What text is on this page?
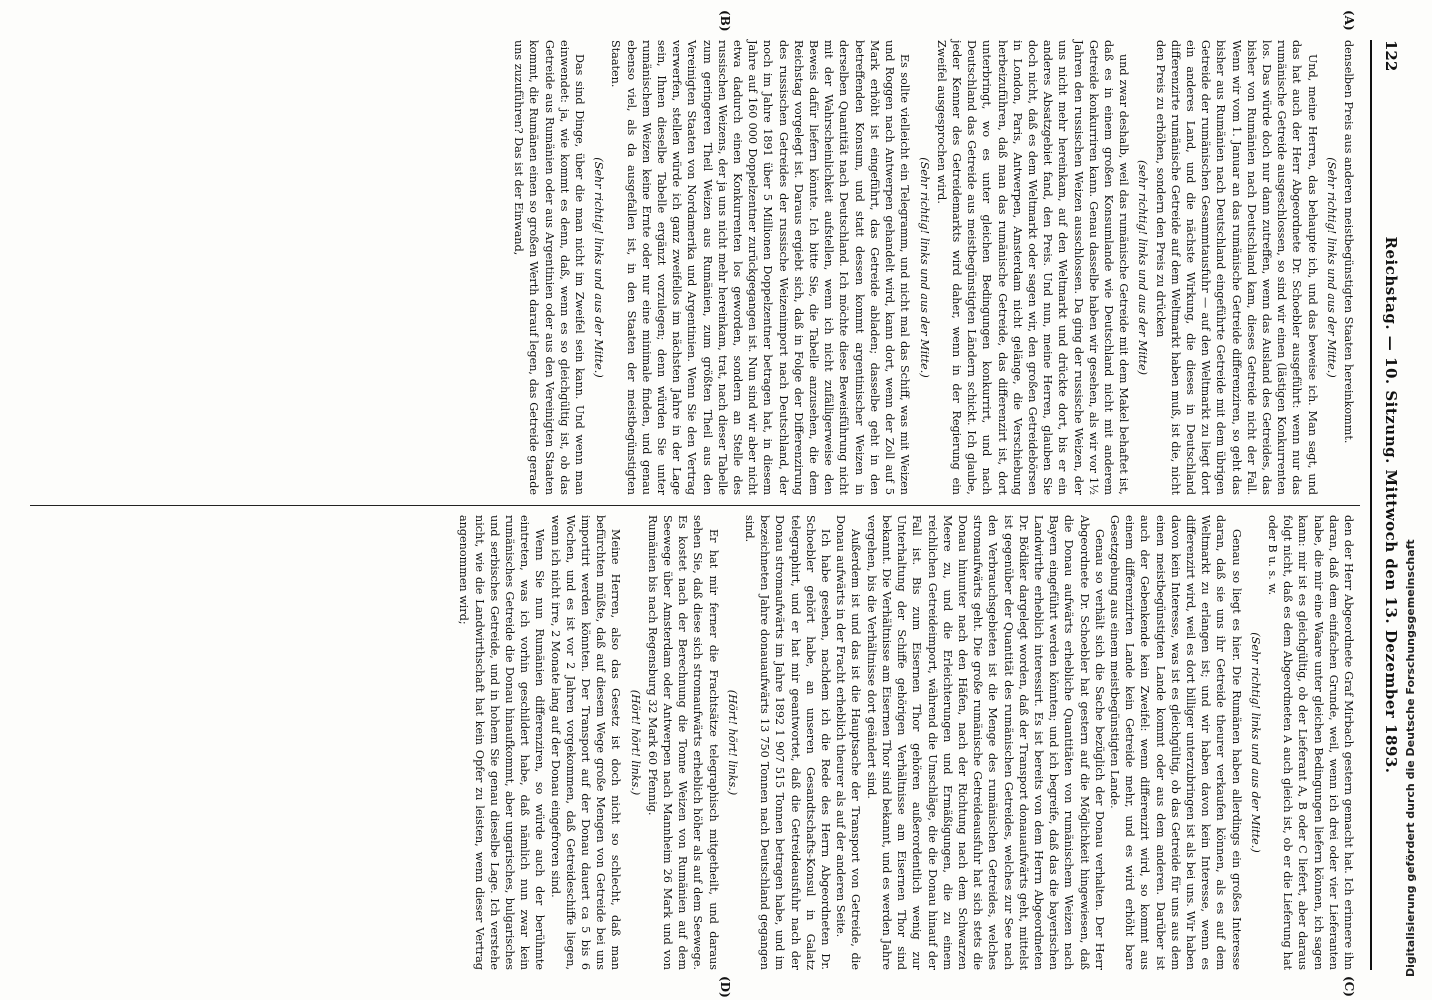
122
Reichstag. — 10. Sitzung. Mittwoch den 13. Dezember 1893.
(A)
(B)
(C)
(D)

denselben Preis aus anderen meistbegünstigten Staaten hereinkommt.

(Sehr richtig! links und aus der Mitte.)

Und, meine Herren, das behaupte ich, und das beweise ich. Man sagt, und das hat auch der Herr Abgeordnete Dr. Schoebler ausgeführt: wenn nur das rumänische Getreide ausgeschlossen, so sind wir einen (lästigen Konkurrenten los. Das würde doch nur dann zutreffen, wenn das Ausland des Getreides, das bisher von Rumänien nach Deutschland kam, dieses Getreide nicht der Fall. Wenn wir vom 1. Januar an das rumänische Getreide differenziren, so geht das bisher aus Rumänien nach Deutschland eingeführte Getreide mit dem übrigen Getreide der rumänischen Gesammtausfuhr — auf den Weltmarkt zu liegt dort ein anderes Land, und die nächste Wirkung, die dieses in Deutschland differenzirte rumänische Getreide auf dem Weltmarkt haben muß, ist die, nicht den Preis zu erhöhen, sondern den Preis zu drücken

(sehr richtig! links und aus der Mitte)

und zwar deshalb, weil das rumänische Getreide mit dem Makel behaftet ist, daß es in einem großen Konsumlande wie Deutschland nicht mit anderem Getreide konkurriren kann. Genau dasselbe haben wir gesehen, als wir vor 1½ Jahren den russischen Weizen ausschlossen. Da ging der russische Weizen, der uns nicht mehr hereinkam, auf den Weltmarkt und drückte dort, bis er ein anderes Absatzgebiet fand, den Preis. Und nun, meine Herren, glauben Sie doch nicht, daß es dem Weltmarkt oder sagen wir, den großen Getreidebörsen in London, Paris, Antwerpen, Amsterdam nicht gelänge, die Verschiebung herbeizuführen, daß man das rumänische Getreide, das differenzirt ist, dort unterbringt, wo es unter gleichen Bedingungen konkurrirt, und nach Deutschland das Getreide aus meistbegünstigten Ländern schickt. Ich glaube, jeder Kenner des Getreidemarkts wird daher, wenn in der Regierung ein Zweifel ausgesprochen wird.

(Sehr richtig! links und aus der Mitte.)

Es sollte vielleicht ein Telegramm, und nicht mal das Schiff, was mit Weizen und Roggen nach Antwerpen gehandelt wird, kann dort, wenn der Zoll auf 5 Mark erhöht ist eingeführt, das Getreide abladen; dasselbe geht in den betreffenden Konsum, und statt dessen kommt argentinischer Weizen in derselben Quantität nach Deutschland. Ich möchte diese Beweisführung nicht mit der Wahrscheinlichkeit aufstellen, wenn ich nicht zufälligerweise den Beweis dafür liefern könnte. Ich bitte Sie, die Tabelle anzusehen, die dem Reichstag vorgelegt ist. Daraus ergiebt sich, daß in Folge der Differenzirung des russischen Getreides der russische Weizenimport nach Deutschland, der noch im Jahre 1891 über 5 Millionen Doppelzentner betragen hat, in diesem Jahre auf 160 000 Doppelzentner zurückgegangen ist. Nun sind wir aber nicht etwa dadurch einen Konkurrenten los geworden, sondern an Stelle des russischen Weizens, der ja uns nicht mehr hereinkam, trat, nach dieser Tabelle zum geringeren Theil Weizen aus Rumänien, zum größten Theil aus den Vereinigten Staaten von Nordamerika und Argentinien. Wenn Sie den Vertrag verwerfen, stellen würde ich ganz zweifellos im nächsten Jahre in der Lage sein, Ihnen dieselbe Tabelle ergänzt vorzulegen; denn würden Sie unter rumänischem Weizen keine Ernte oder nur eine minimale finden, und genau ebenso viel, als da ausgefallen ist, in den Staaten der meistbegünstigten Staaten.

(Sehr richtig! links und aus der Mitte.)

Das sind Dinge, über die man nicht im Zweifel sein kann. Und wenn man einwendet: ja, wie kommt es denn, daß, wenn es so gleichgültig ist, ob das Getreide aus Rumänien oder aus Argentinien oder aus den Vereinigten Staaten kommt, die Rumänen einen so großen Werth darauf legen, das Getreide gerade uns zuzuführen? Das ist der Einwand,

den der Herr Abgeordnete Graf Mirbach gestern gemacht hat. Ich erinnere ihn daran, daß dem einfachen Grunde, weil, wenn ich drei oder vier Lieferanten habe, die mir eine Waare unter gleichen Bedingungen liefern können, ich sagen kann: mir ist es gleichgültig, ob der Lieferant A, B oder C liefert, aber daraus folgt nicht, daß es dem Abgeordneten A auch gleich ist, ob er die Lieferung hat oder B u. s. w.

(Sehr richtig! links und aus der Mitte.)

Genau so liegt es hier. Die Rumänen haben allerdings ein großes Interesse daran, daß sie uns ihr Getreide theurer verkaufen können, als es auf dem Weltmarkt zu erlangen ist; und wir haben davon kein Interesse, wenn es differenzirt wird, weil es dort billiger unterzubringen ist als bei uns. Wir haben davon kein Interesse, was ist es gleichgültig, ob das Getreide für uns aus dem einen meistbegünstigten Lande kommt oder aus dem anderen. Darüber ist auch der Gebenkende kein Zweifel: wenn differenzirt wird, so kommt aus einem differenzirten Lande kein Getreide mehr, und es wird erhöht bare Gesetzgebung aus einem meistbegünstigten Lande.

Genau so verhält sich die Sache bezüglich der Donau verhalten. Der Herr Abgeordnete Dr. Schoebler hat gestern auf die Möglichkeit hingewiesen, daß die Donau aufwärts erhebliche Quantitäten von rumänischem Weizen nach Bayern eingeführt werden könnten; und ich begreife, daß das die bayerischen Landwirthe erheblich interessirt. Es ist bereits von dem Herrn Abgeordneten Dr. Bödiker dargelegt worden, daß der Transport donauaufwärts geht, mittelst ist gegenüber der Quantität des rumänischen Getreides, welches zur See nach den Verbrauchsgebieten ist die Menge des rumänischen Getreides, welches stromaufwärts geht. Die große rumänische Getreideausfuhr hat sich stets die Donau hinunter nach den Häfen, nach der Richtung nach dem Schwarzen Meere zu, und die Erleichterungen und Ermäßigungen, die zu einem reichlichen Getreideimport, während die Umschläge, die die Donau hinauf der Fall ist. Bis zum Eisernen Thor gehören außerordentlich wenig zur Unterhaltung der Schiffe gehörigen Verhältnisse am Eisernen Thor sind bekannt. Die Verhältnisse am Eisernen Thor sind bekannt, und es werden Jahre vergehen, bis die Verhältnisse dort geändert sind.

Außerdem ist und das ist die Hauptsache der Transport von Getreide, die Donau aufwärts in der Fracht erheblich theurer als auf der anderen Seite.

Ich habe gesehen, nachdem ich die Rede des Herrn Abgeordneten Dr. Schoebler gehört habe, an unseren Gesandtschafts-Konsul in Galatz telegraphirt, und er hat mir geantwortet, daß die Getreideausfuhr nach der Donau stromaufwärts im Jahre 1892 1 907 515 Tonnen betragen habe, und im bezeichneten Jahre donauaufwärts 13 750 Tonnen nach Deutschland gegangen sind.

(Hört! hört! links.)

Er hat mir ferner die Frachtsätze telegraphisch mitgetheilt, und daraus sehen Sie, daß diese sich stromaufwärts erheblich höher als auf dem Seewege. Es kostet nach der Berechnung die Tonne Weizen von Rumänien auf dem Seewege über Amsterdam oder Antwerpen nach Mannheim 26 Mark und von Rumänien bis nach Regensburg 32 Mark 60 Pfennig.

(Hört! hört! links.)

Meine Herren, also das Gesetz ist doch nicht so schlecht, daß man befürchten müßte, daß auf diesem Wege große Mengen von Getreide bei uns importirt werden könnten. Der Transport auf der Donau dauert ca 5 bis 6 Wochen, und es ist vor 2 Jahren vorgekommen, daß Getreideschiffe liegen, wenn ich nicht irre, 2 Monate lang auf der Donau eingefroren sind.

Wenn Sie nun Rumänien differenziren, so würde auch der berühmte eintreten, was ich vorhin geschildert habe, daß nämlich nun zwar kein rumänisches Getreide die Donau hinaufkommt, aber ungarisches, bulgarisches und serbisches Getreide, und in hohem Sie genau dieselbe Lage. Ich verstehe nicht, wie die Landwirthschaft hat kein Opfer zu leisten, wenn dieser Vertrag angenommen wird;	Digitalisierung gefördert durch die Deutsche Forschungsgemeinschaft
